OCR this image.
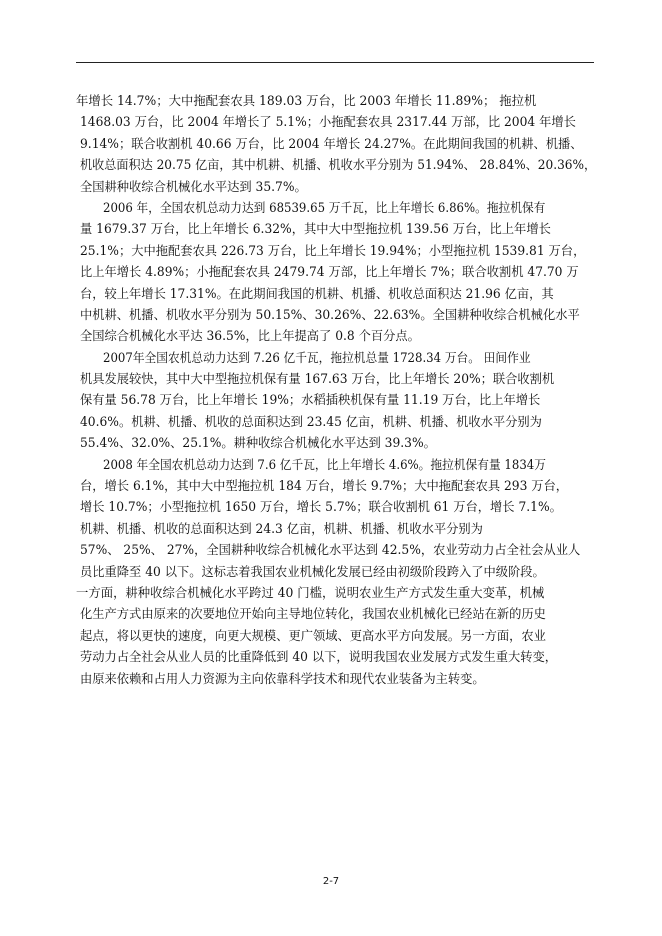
年增长 14.7%；大中拖配套农具 189.03 万台，比 2003 年增长 11.89%； 拖拉机
1468.03 万台，比 2004 年增长了 5.1%；小拖配套农具 2317.44 万部，比 2004 年增长
9.14%；联合收割机 40.66 万台，比 2004 年增长 24.27%。在此期间我国的机耕、机播、
机收总面积达 20.75 亿亩，其中机耕、机播、机收水平分别为 51.94%、 28.84%、20.36%，
全国耕种收综合机械化水平达到 35.7%。
2006 年，全国农机总动力达到 68539.65 万千瓦，比上年增长 6.86%。拖拉机保有
量 1679.37 万台，比上年增长 6.32%，其中大中型拖拉机 139.56 万台，比上年增长
25.1%；大中拖配套农具 226.73 万台，比上年增长 19.94%；小型拖拉机 1539.81 万台，
比上年增长 4.89%；小拖配套农具 2479.74 万部，比上年增长 7%；联合收割机 47.70 万
台，较上年增长 17.31%。在此期间我国的机耕、机播、机收总面积达 21.96 亿亩，其
中机耕、机播、机收水平分别为 50.15%、30.26%、22.63%。全国耕种收综合机械化水平
全国综合机械化水平达 36.5%，比上年提高了 0.8 个百分点。
2007年全国农机总动力达到 7.26 亿千瓦，拖拉机总量 1728.34 万台。 田间作业
机具发展较快，其中大中型拖拉机保有量 167.63 万台，比上年增长 20%；联合收割机
保有量 56.78 万台，比上年增长 19%；水稻插秧机保有量 11.19 万台，比上年增长
40.6%。机耕、机播、机收的总面积达到 23.45 亿亩，机耕、机播、机收水平分别为
55.4%、32.0%、25.1%。耕种收综合机械化水平达到 39.3%。
2008 年全国农机总动力达到 7.6 亿千瓦，比上年增长 4.6%。拖拉机保有量 1834万
台，增长 6.1%，其中大中型拖拉机 184 万台，增长 9.7%；大中拖配套农具 293 万台，
增长 10.7%；小型拖拉机 1650 万台，增长 5.7%；联合收割机 61 万台，增长 7.1%。
机耕、机播、机收的总面积达到 24.3 亿亩，机耕、机播、机收水平分别为
57%、 25%、 27%，全国耕种收综合机械化水平达到 42.5%，农业劳动力占全社会从业人
员比重降至 40 以下。这标志着我国农业机械化发展已经由初级阶段跨入了中级阶段。
一方面，耕种收综合机械化水平跨过 40 门槛，说明农业生产方式发生重大变革，机械
化生产方式由原来的次要地位开始向主导地位转化，我国农业机械化已经站在新的历史
起点，将以更快的速度，向更大规模、更广领域、更高水平方向发展。另一方面，农业
劳动力占全社会从业人员的比重降低到 40 以下，说明我国农业发展方式发生重大转变，
由原来依赖和占用人力资源为主向依靠科学技术和现代农业装备为主转变。
2-7
